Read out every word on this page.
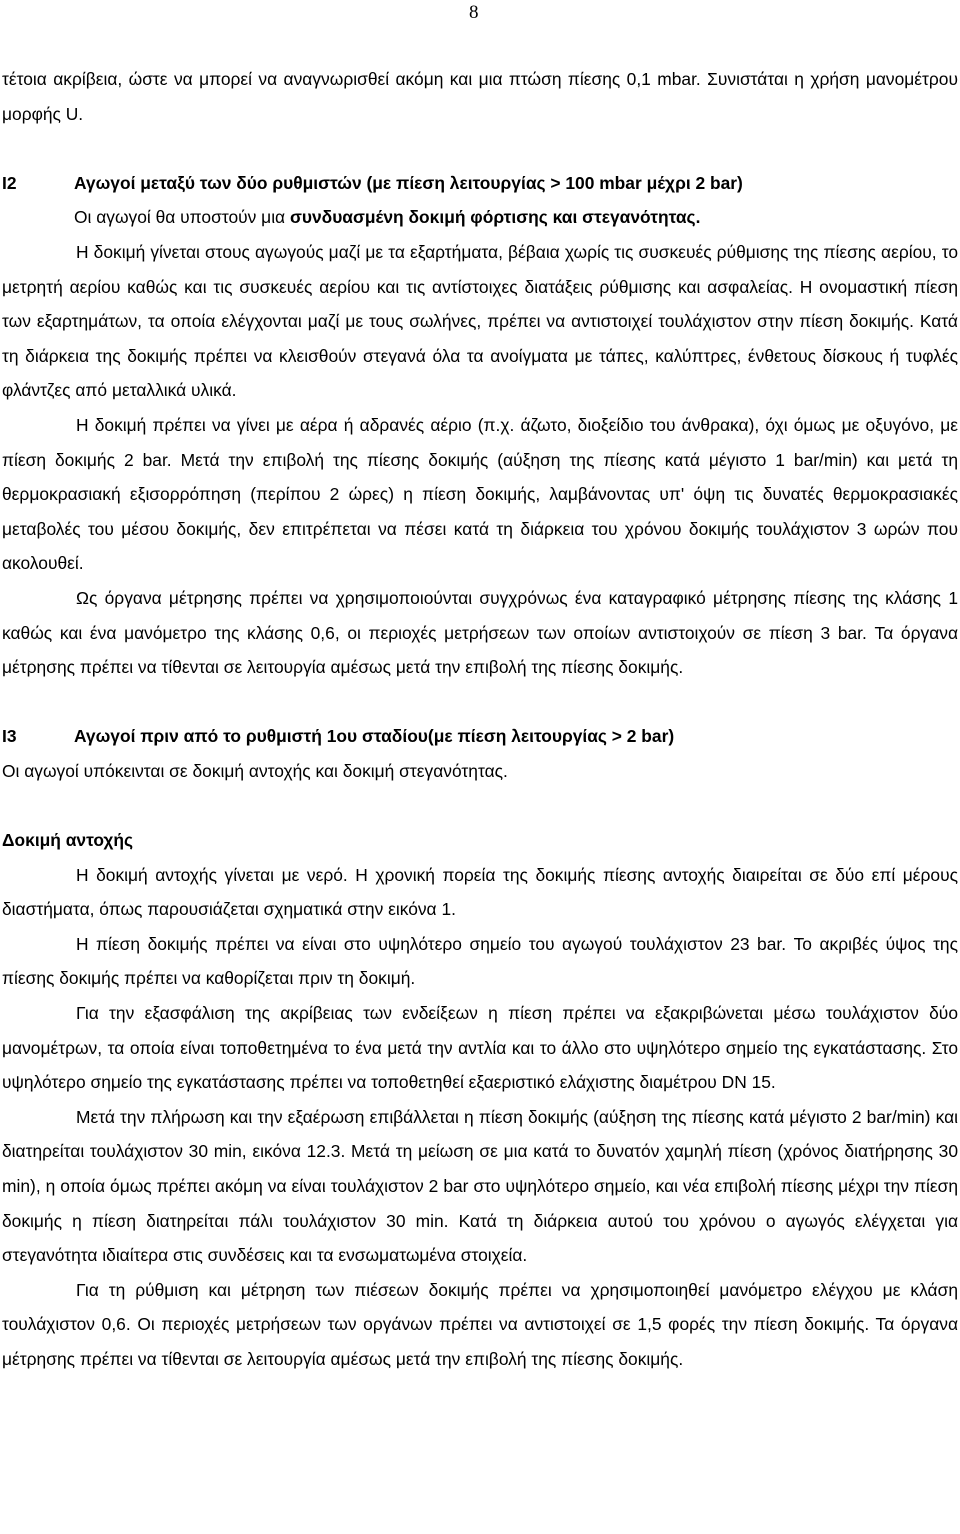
8

τέτοια ακρίβεια, ώστε να μπορεί να αναγνωρισθεί ακόμη και μια πτώση πίεσης 0,1 mbar. Συνιστάται η χρήση μανομέτρου μορφής U.

I2	Αγωγοί μεταξύ των δύο ρυθμιστών (με πίεση λειτουργίας > 100 mbar μέχρι 2 bar)

Οι αγωγοί θα υποστούν μια συνδυασμένη δοκιμή φόρτισης και στεγανότητας.

Η δοκιμή γίνεται στους αγωγούς μαζί με τα εξαρτήματα, βέβαια χωρίς τις συσκευές ρύθμισης της πίεσης αερίου, το μετρητή αερίου καθώς και τις συσκευές αερίου και τις αντίστοιχες διατάξεις ρύθμισης και ασφαλείας. Η ονομαστική πίεση των εξαρτημάτων, τα οποία ελέγχονται μαζί με τους σωλήνες, πρέπει να αντιστοιχεί τουλάχιστον στην πίεση δοκιμής. Κατά τη διάρκεια της δοκιμής πρέπει να κλεισθούν στεγανά όλα τα ανοίγματα με τάπες, καλύπτρες, ένθετους δίσκους ή τυφλές φλάντζες από μεταλλικά υλικά.

Η δοκιμή πρέπει να γίνει με αέρα ή αδρανές αέριο (π.χ. άζωτο, διοξείδιο του άνθρακα), όχι όμως με οξυγόνο, με πίεση δοκιμής 2 bar. Μετά την επιβολή της πίεσης δοκιμής (αύξηση της πίεσης κατά μέγιστο 1 bar/min) και μετά τη θερμοκρασιακή εξισορρόπηση (περίπου 2 ώρες) η πίεση δοκιμής, λαμβάνοντας υπ' όψη τις δυνατές θερμοκρασιακές μεταβολές του μέσου δοκιμής, δεν επιτρέπεται να πέσει κατά τη διάρκεια του χρόνου δοκιμής τουλάχιστον 3 ωρών που ακολουθεί.

Ως όργανα μέτρησης πρέπει να χρησιμοποιούνται συγχρόνως ένα καταγραφικό μέτρησης πίεσης της κλάσης 1 καθώς και ένα μανόμετρο της κλάσης 0,6, οι περιοχές μετρήσεων των οποίων αντιστοιχούν σε πίεση 3 bar. Τα όργανα μέτρησης πρέπει να τίθενται σε λειτουργία αμέσως μετά την επιβολή της πίεσης δοκιμής.

I3	Αγωγοί πριν από το ρυθμιστή 1ου σταδίου(με πίεση λειτουργίας > 2 bar)

Οι αγωγοί υπόκεινται σε δοκιμή αντοχής και δοκιμή στεγανότητας.

Δοκιμή αντοχής

Η δοκιμή αντοχής γίνεται με νερό. Η χρονική πορεία της δοκιμής πίεσης αντοχής διαιρείται σε δύο επί μέρους διαστήματα, όπως παρουσιάζεται σχηματικά στην εικόνα 1.

Η πίεση δοκιμής πρέπει να είναι στο υψηλότερο σημείο του αγωγού τουλάχιστον 23 bar. Το ακριβές ύψος της πίεσης δοκιμής πρέπει να καθορίζεται πριν τη δοκιμή.

Για την εξασφάλιση της ακρίβειας των ενδείξεων η πίεση πρέπει να εξακριβώνεται μέσω τουλάχιστον δύο μανομέτρων, τα οποία είναι τοποθετημένα το ένα μετά την αντλία και το άλλο στο υψηλότερο σημείο της εγκατάστασης. Στο υψηλότερο σημείο της εγκατάστασης πρέπει να τοποθετηθεί εξαεριστικό ελάχιστης διαμέτρου DN 15.

Μετά την πλήρωση και την εξαέρωση επιβάλλεται η πίεση δοκιμής (αύξηση της πίεσης κατά μέγιστο 2 bar/min) και διατηρείται τουλάχιστον 30 min, εικόνα 12.3. Μετά τη μείωση σε μια κατά το δυνατόν χαμηλή πίεση (χρόνος διατήρησης 30 min), η οποία όμως πρέπει ακόμη να είναι τουλάχιστον 2 bar στο υψηλότερο σημείο, και νέα επιβολή πίεσης μέχρι την πίεση δοκιμής η πίεση διατηρείται πάλι τουλάχιστον 30 min. Κατά τη διάρκεια αυτού του χρόνου ο αγωγός ελέγχεται για στεγανότητα ιδιαίτερα στις συνδέσεις και τα ενσωματωμένα στοιχεία.

Για τη ρύθμιση και μέτρηση των πιέσεων δοκιμής πρέπει να χρησιμοποιηθεί μανόμετρο ελέγχου με κλάση τουλάχιστον 0,6. Οι περιοχές μετρήσεων των οργάνων πρέπει να αντιστοιχεί σε 1,5 φορές την πίεση δοκιμής. Τα όργανα μέτρησης πρέπει να τίθενται σε λειτουργία αμέσως μετά την επιβολή της πίεσης δοκιμής.
